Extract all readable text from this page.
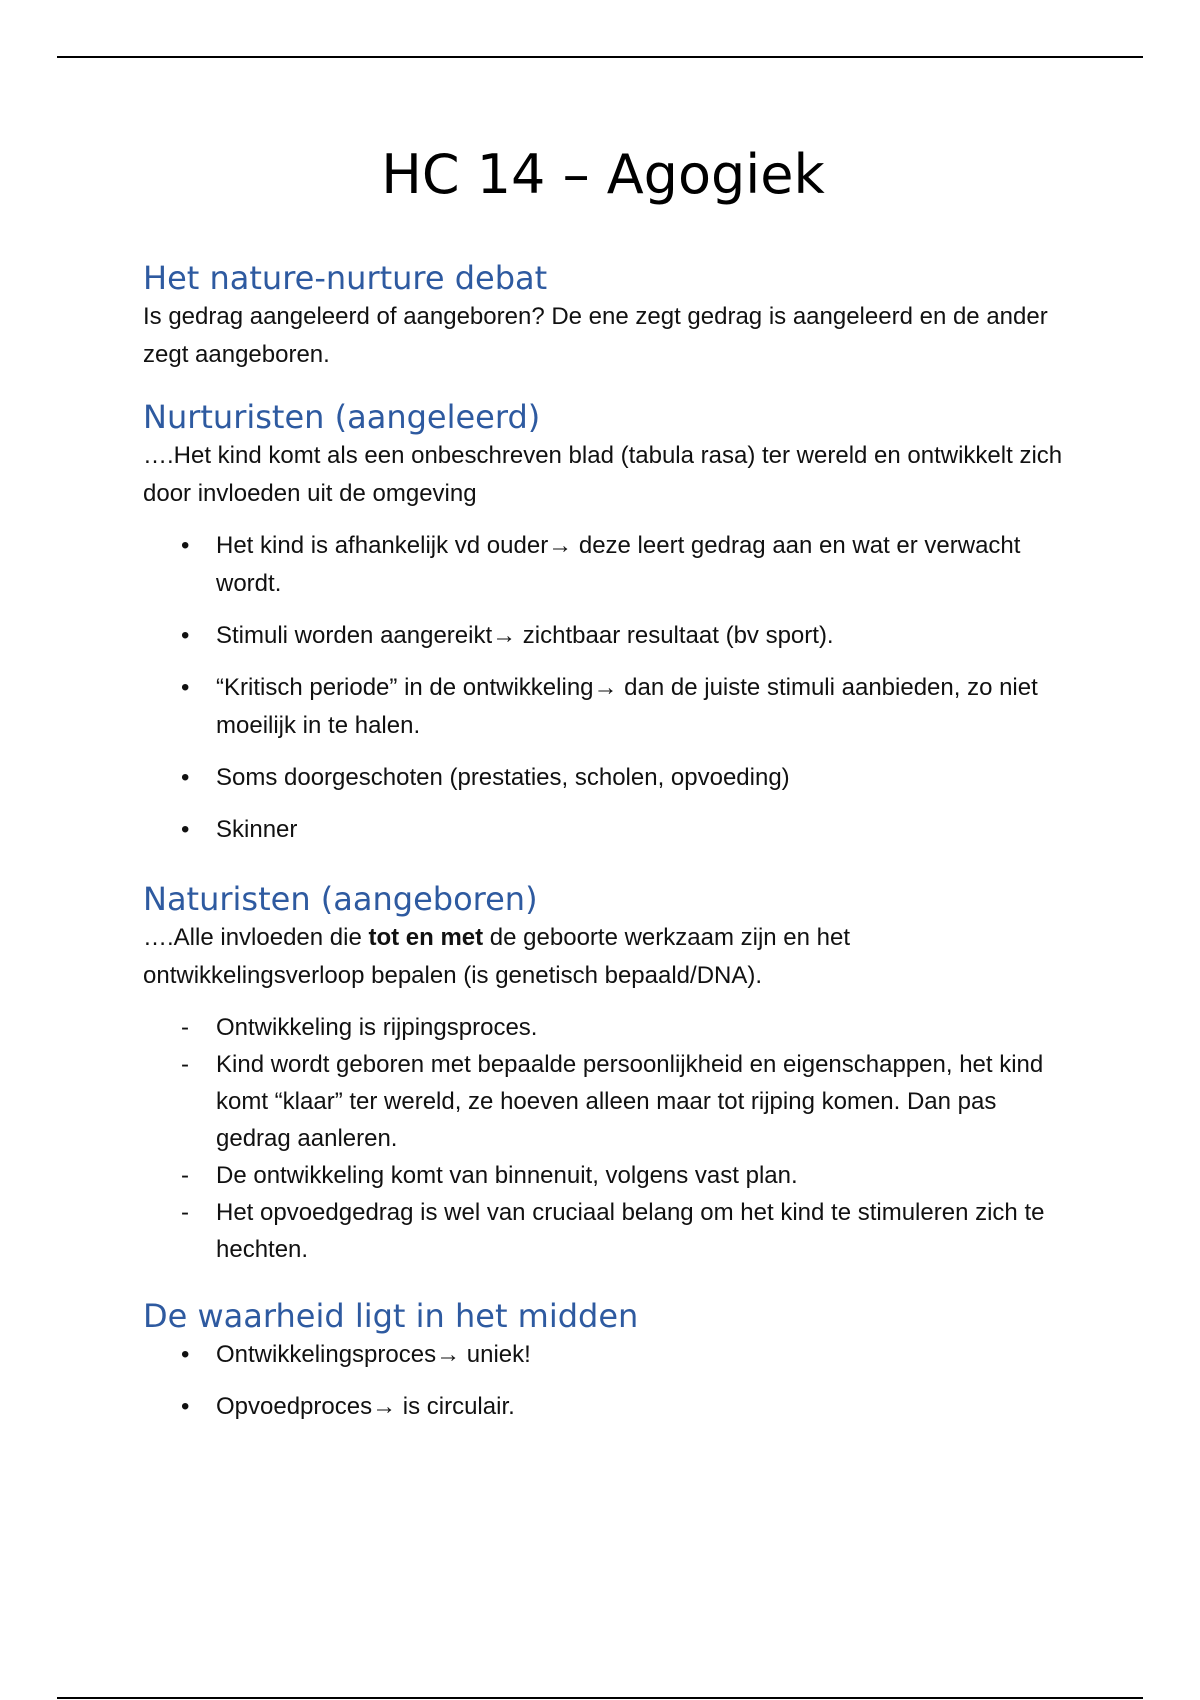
HC 14 – Agogiek
Het nature-nurture debat

Is gedrag aangeleerd of aangeboren? De ene zegt gedrag is aangeleerd en de ander zegt aangeboren.

Nurturisten (aangeleerd)

….Het kind komt als een onbeschreven blad (tabula rasa) ter wereld en ontwikkelt zich door invloeden uit de omgeving

•	Het kind is afhankelijk vd ouder→ deze leert gedrag aan en wat er verwacht wordt.
•	Stimuli worden aangereikt→ zichtbaar resultaat (bv sport).
•	“Kritisch periode” in de ontwikkeling→ dan de juiste stimuli aanbieden, zo niet moeilijk in te halen.
•	Soms doorgeschoten (prestaties, scholen, opvoeding)
•	Skinner
Naturisten (aangeboren)

….Alle invloeden die tot en met de geboorte werkzaam zijn en het ontwikkelingsverloop bepalen (is genetisch bepaald/DNA).

-	Ontwikkeling is rijpingsproces.
-	Kind wordt geboren met bepaalde persoonlijkheid en eigenschappen, het kind komt “klaar” ter wereld, ze hoeven alleen maar tot rijping komen. Dan pas gedrag aanleren.
-	De ontwikkeling komt van binnenuit, volgens vast plan.
-	Het opvoedgedrag is wel van cruciaal belang om het kind te stimuleren zich te hechten.
De waarheid ligt in het midden
•	Ontwikkelingsproces→ uniek!
•	Opvoedproces→ is circulair.
